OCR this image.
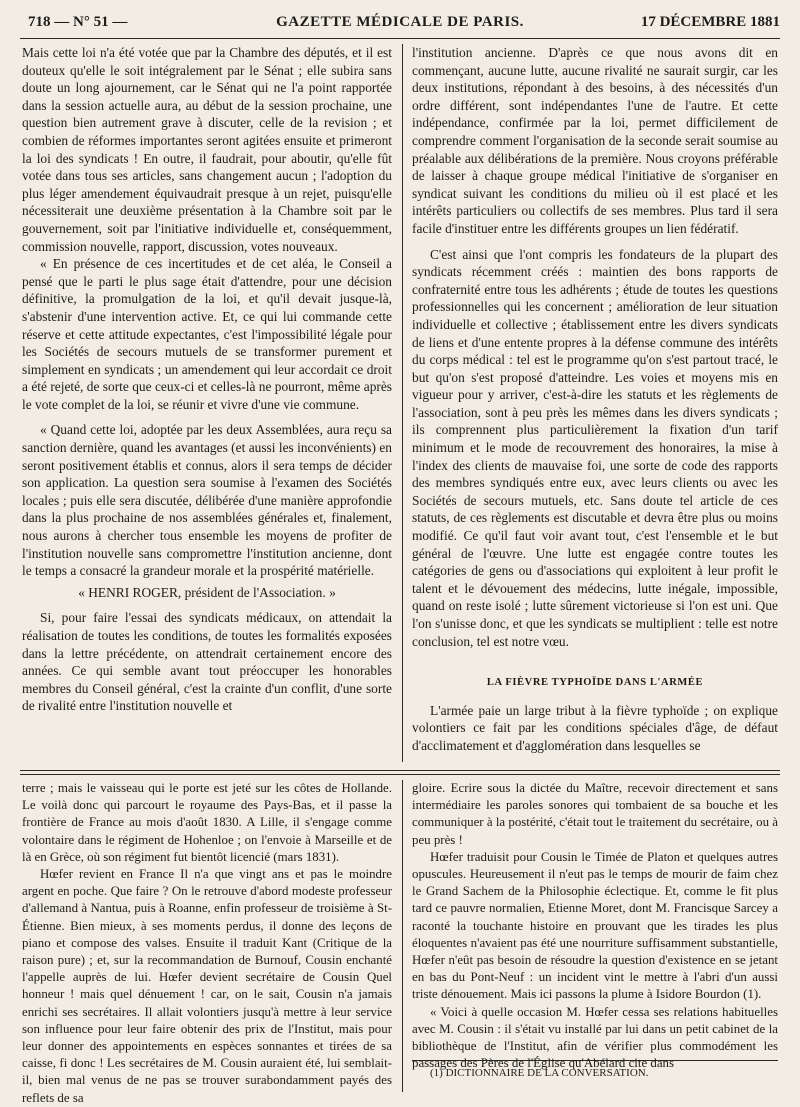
718 — N° 51 —	GAZETTE MÉDICALE DE PARIS.	17 DÉCEMBRE 1881

Mais cette loi n'a été votée que par la Chambre des députés, et il est douteux qu'elle le soit intégralement par le Sénat ; elle subira sans doute un long ajournement, car le Sénat qui ne l'a point rapportée dans la session actuelle aura, au début de la session prochaine, une question bien autrement grave à discuter, celle de la revision ; et combien de réformes importantes seront agitées ensuite et primeront la loi des syndicats ! En outre, il faudrait, pour aboutir, qu'elle fût votée dans tous ses articles, sans changement aucun ; l'adoption du plus léger amendement équivaudrait presque à un rejet, puisqu'elle nécessiterait une deuxième présentation à la Chambre soit par le gouvernement, soit par l'initiative individuelle et, conséquemment, commission nouvelle, rapport, discussion, votes nouveaux.

« En présence de ces incertitudes et de cet aléa, le Conseil a pensé que le parti le plus sage était d'attendre, pour une décision définitive, la promulgation de la loi, et qu'il devait jusque-là, s'abstenir d'une intervention active. Et, ce qui lui commande cette réserve et cette attitude expectantes, c'est l'impossibilité légale pour les Sociétés de secours mutuels de se transformer purement et simplement en syndicats ; un amendement qui leur accordait ce droit a été rejeté, de sorte que ceux-ci et celles-là ne pourront, même après le vote complet de la loi, se réunir et vivre d'une vie commune.

« Quand cette loi, adoptée par les deux Assemblées, aura reçu sa sanction dernière, quand les avantages (et aussi les inconvénients) en seront positivement établis et connus, alors il sera temps de décider son application. La question sera soumise à l'examen des Sociétés locales ; puis elle sera discutée, délibérée d'une manière approfondie dans la plus prochaine de nos assemblées générales et, finalement, nous aurons à chercher tous ensemble les moyens de profiter de l'institution nouvelle sans compromettre l'institution ancienne, dont le temps a consacré la grandeur morale et la prospérité matérielle.

« HENRI ROGER, président de l'Association. »

Si, pour faire l'essai des syndicats médicaux, on attendait la réalisation de toutes les conditions, de toutes les formalités exposées dans la lettre précédente, on attendrait certainement encore des années. Ce qui semble avant tout préoccuper les honorables membres du Conseil général, c'est la crainte d'un conflit, d'une sorte de rivalité entre l'institution nouvelle et

l'institution ancienne. D'après ce que nous avons dit en commençant, aucune lutte, aucune rivalité ne saurait surgir, car les deux institutions, répondant à des besoins, à des nécessités d'un ordre différent, sont indépendantes l'une de l'autre. Et cette indépendance, confirmée par la loi, permet difficilement de comprendre comment l'organisation de la seconde serait soumise au préalable aux délibérations de la première. Nous croyons préférable de laisser à chaque groupe médical l'initiative de s'organiser en syndicat suivant les conditions du milieu où il est placé et les intérêts particuliers ou collectifs de ses membres. Plus tard il sera facile d'instituer entre les différents groupes un lien fédératif.

C'est ainsi que l'ont compris les fondateurs de la plupart des syndicats récemment créés : maintien des bons rapports de confraternité entre tous les adhérents ; étude de toutes les questions professionnelles qui les concernent ; amélioration de leur situation individuelle et collective ; établissement entre les divers syndicats de liens et d'une entente propres à la défense commune des intérêts du corps médical : tel est le programme qu'on s'est partout tracé, le but qu'on s'est proposé d'atteindre. Les voies et moyens mis en vigueur pour y arriver, c'est-à-dire les statuts et les règlements de l'association, sont à peu près les mêmes dans les divers syndicats ; ils comprennent plus particulièrement la fixation d'un tarif minimum et le mode de recouvrement des honoraires, la mise à l'index des clients de mauvaise foi, une sorte de code des rapports des membres syndiqués entre eux, avec leurs clients ou avec les Sociétés de secours mutuels, etc. Sans doute tel article de ces statuts, de ces règlements est discutable et devra être plus ou moins modifié. Ce qu'il faut voir avant tout, c'est l'ensemble et le but général de l'œuvre. Une lutte est engagée contre toutes les catégories de gens ou d'associations qui exploitent à leur profit le talent et le dévouement des médecins, lutte inégale, impossible, quand on reste isolé ; lutte sûrement victorieuse si l'on est uni. Que l'on s'unisse donc, et que les syndicats se multiplient : telle est notre conclusion, tel est notre vœu.

LA FIÈVRE TYPHOÏDE DANS L'ARMÉE

L'armée paie un large tribut à la fièvre typhoïde ; on explique volontiers ce fait par les conditions spéciales d'âge, de défaut d'acclimatement et d'agglomération dans lesquelles se

terre ; mais le vaisseau qui le porte est jeté sur les côtes de Hollande. Le voilà donc qui parcourt le royaume des Pays-Bas, et il passe la frontière de France au mois d'août 1830. A Lille, il s'engage comme volontaire dans le régiment de Hohenloe ; on l'envoie à Marseille et de là en Grèce, où son régiment fut bientôt licencié (mars 1831).

Hœfer revient en France Il n'a que vingt ans et pas le moindre argent en poche. Que faire ? On le retrouve d'abord modeste professeur d'allemand à Nantua, puis à Roanne, enfin professeur de troisième à St-Étienne. Bien mieux, à ses moments perdus, il donne des leçons de piano et compose des valses. Ensuite il traduit Kant (Critique de la raison pure) ; et, sur la recommandation de Burnouf, Cousin enchanté l'appelle auprès de lui. Hœfer devient secrétaire de Cousin Quel honneur ! mais quel dénuement ! car, on le sait, Cousin n'a jamais enrichi ses secrétaires. Il allait volontiers jusqu'à mettre à leur service son influence pour leur faire obtenir des prix de l'Institut, mais pour leur donner des appointements en espèces sonnantes et tirées de sa caisse, fi donc ! Les secrétaires de M. Cousin auraient été, lui semblait-il, bien mal venus de ne pas se trouver surabondamment payés des reflets de sa

gloire. Ecrire sous la dictée du Maître, recevoir directement et sans intermédiaire les paroles sonores qui tombaient de sa bouche et les communiquer à la postérité, c'était tout le traitement du secrétaire, ou à peu près !

Hœfer traduisit pour Cousin le Timée de Platon et quelques autres opuscules. Heureusement il n'eut pas le temps de mourir de faim chez le Grand Sachem de la Philosophie éclectique. Et, comme le fit plus tard ce pauvre normalien, Etienne Moret, dont M. Francisque Sarcey a raconté la touchante histoire en prouvant que les tirades les plus éloquentes n'avaient pas été une nourriture suffisamment substantielle, Hœfer n'eût pas besoin de résoudre la question d'existence en se jetant en bas du Pont-Neuf : un incident vint le mettre à l'abri d'un aussi triste dénouement. Mais ici passons la plume à Isidore Bourdon (1).

« Voici à quelle occasion M. Hœfer cessa ses relations habituelles avec M. Cousin : il s'était vu installé par lui dans un petit cabinet de la bibliothèque de l'Institut, afin de vérifier plus commodément les passages des Pères de l'Église qu'Abélard cite dans

(1) DICTIONNAIRE DE LA CONVERSATION.
